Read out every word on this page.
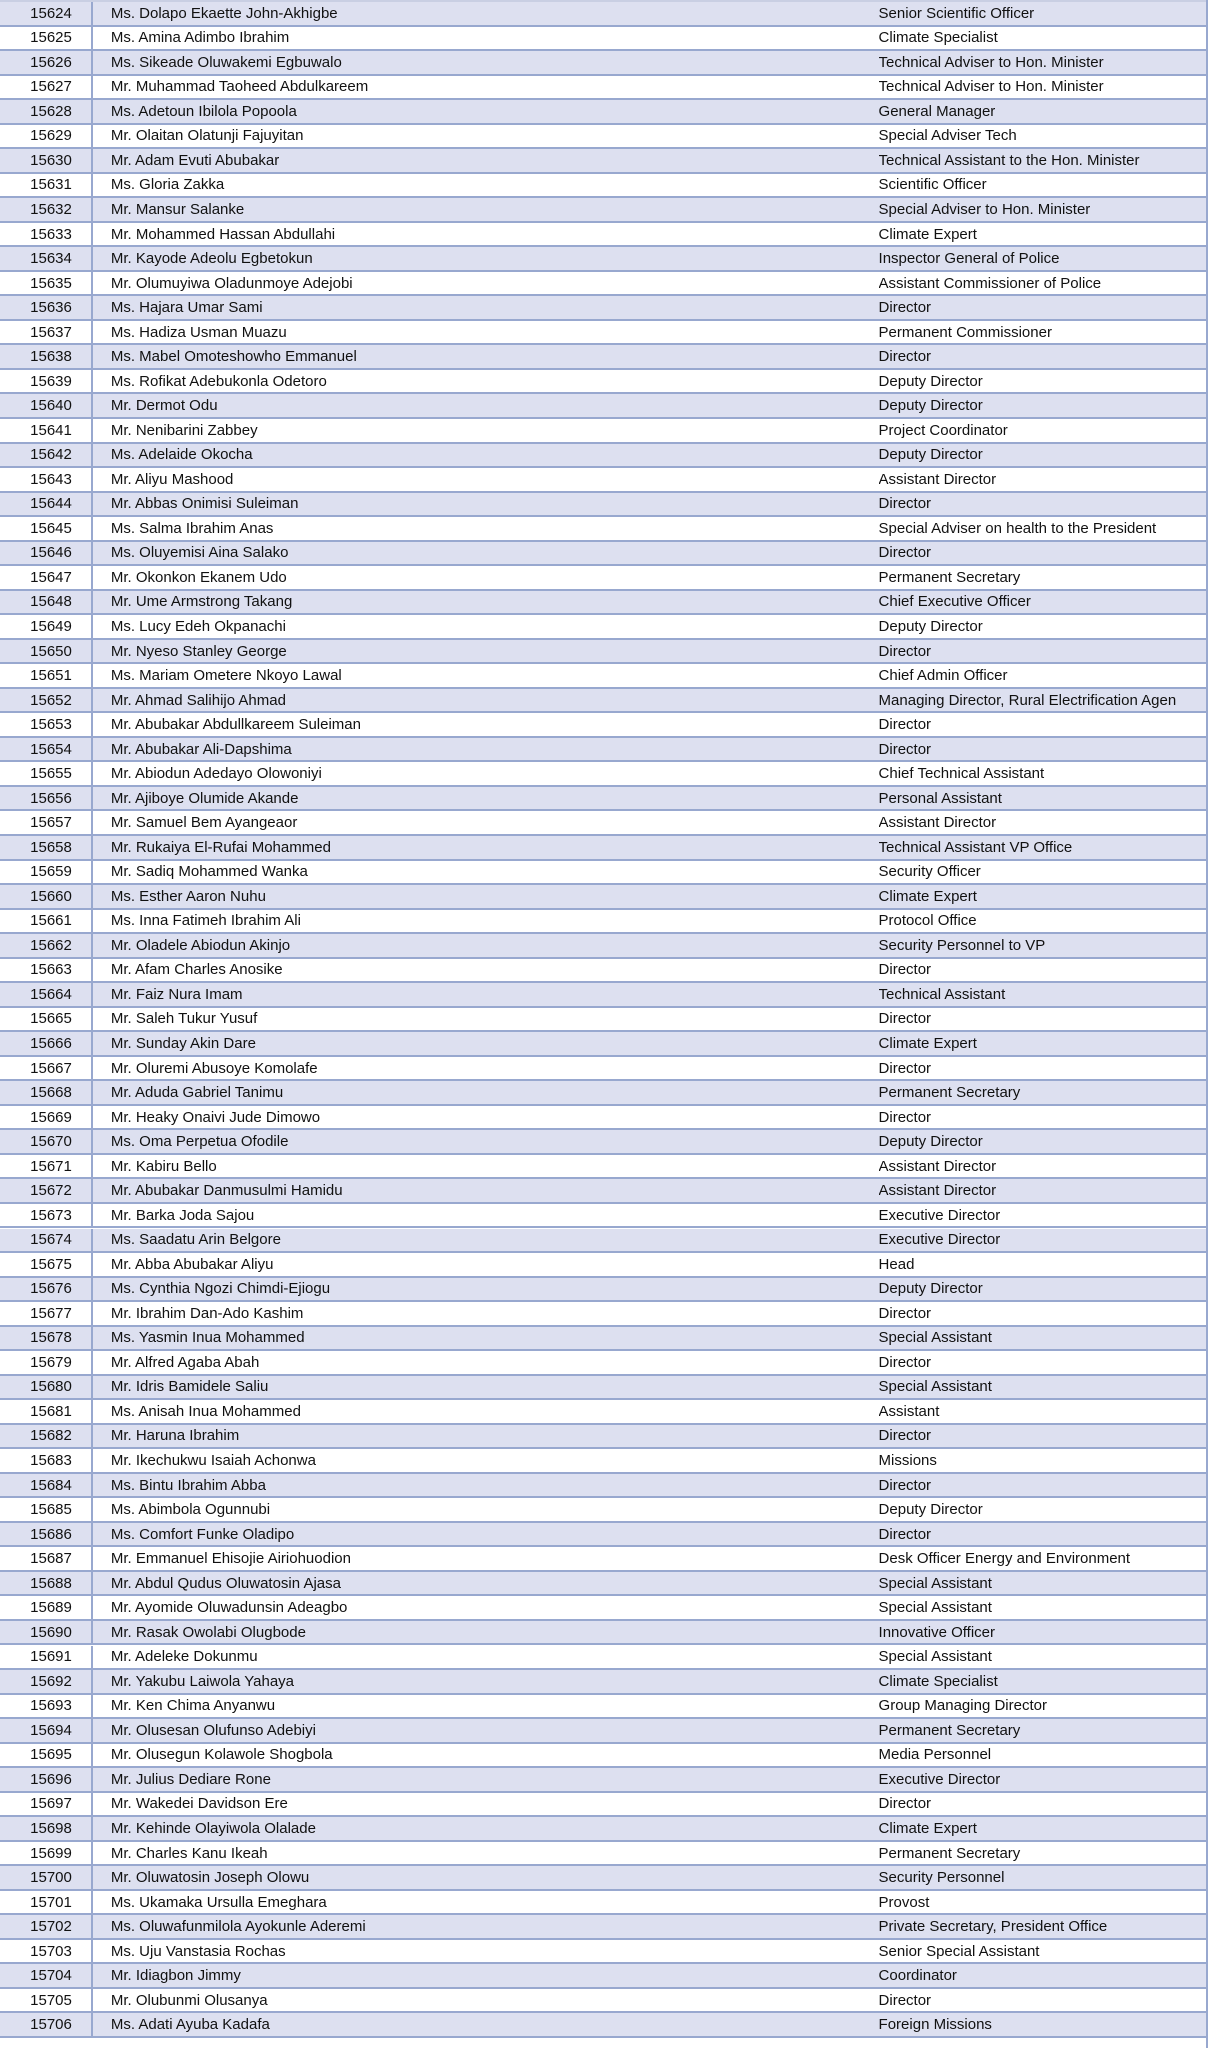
15624	Ms. Dolapo Ekaette John-Akhigbe	Senior Scientific Officer
15625	Ms. Amina Adimbo Ibrahim	Climate Specialist
15626	Ms. Sikeade Oluwakemi Egbuwalo	Technical Adviser to Hon. Minister
15627	Mr. Muhammad Taoheed Abdulkareem	Technical Adviser to Hon. Minister
15628	Ms. Adetoun Ibilola Popoola	General Manager
15629	Mr. Olaitan Olatunji Fajuyitan	Special Adviser Tech
15630	Mr. Adam Evuti Abubakar	Technical Assistant to the Hon. Minister
15631	Ms. Gloria Zakka	Scientific Officer
15632	Mr. Mansur Salanke	Special Adviser to Hon. Minister
15633	Mr. Mohammed Hassan Abdullahi	Climate Expert
15634	Mr. Kayode Adeolu Egbetokun	Inspector General of Police
15635	Mr. Olumuyiwa Oladunmoye Adejobi	Assistant Commissioner of Police
15636	Ms. Hajara Umar Sami	Director
15637	Ms. Hadiza Usman Muazu	Permanent Commissioner
15638	Ms. Mabel Omoteshowho Emmanuel	Director
15639	Ms. Rofikat Adebukonla Odetoro	Deputy Director
15640	Mr. Dermot Odu	Deputy Director
15641	Mr. Nenibarini Zabbey	Project Coordinator
15642	Ms. Adelaide Okocha	Deputy Director
15643	Mr. Aliyu Mashood	Assistant Director
15644	Mr. Abbas Onimisi Suleiman	Director
15645	Ms. Salma Ibrahim Anas	Special Adviser on health to the President
15646	Ms. Oluyemisi Aina Salako	Director
15647	Mr. Okonkon Ekanem Udo	Permanent Secretary
15648	Mr. Ume Armstrong Takang	Chief Executive Officer
15649	Ms. Lucy Edeh Okpanachi	Deputy Director
15650	Mr. Nyeso Stanley George	Director
15651	Ms. Mariam Ometere Nkoyo Lawal	Chief Admin Officer
15652	Mr. Ahmad Salihijo Ahmad	Managing Director, Rural Electrification Agen
15653	Mr. Abubakar Abdullkareem Suleiman	Director
15654	Mr. Abubakar Ali-Dapshima	Director
15655	Mr. Abiodun Adedayo Olowoniyi	Chief Technical Assistant
15656	Mr. Ajiboye Olumide Akande	Personal Assistant
15657	Mr. Samuel Bem Ayangeaor	Assistant Director
15658	Mr. Rukaiya El-Rufai Mohammed	Technical Assistant VP Office
15659	Mr. Sadiq Mohammed Wanka	Security Officer
15660	Ms. Esther Aaron Nuhu	Climate Expert
15661	Ms. Inna Fatimeh Ibrahim Ali	Protocol Office
15662	Mr. Oladele Abiodun Akinjo	Security Personnel to VP
15663	Mr. Afam Charles Anosike	Director
15664	Mr. Faiz Nura Imam	Technical Assistant
15665	Mr. Saleh Tukur Yusuf	Director
15666	Mr. Sunday Akin Dare	Climate Expert
15667	Mr. Oluremi Abusoye Komolafe	Director
15668	Mr. Aduda Gabriel Tanimu	Permanent Secretary
15669	Mr. Heaky Onaivi Jude Dimowo	Director
15670	Ms. Oma Perpetua Ofodile	Deputy Director
15671	Mr. Kabiru Bello	Assistant Director
15672	Mr. Abubakar Danmusulmi Hamidu	Assistant Director
15673	Mr. Barka Joda Sajou	Executive Director
15674	Ms. Saadatu Arin Belgore	Executive Director
15675	Mr. Abba Abubakar Aliyu	Head
15676	Ms. Cynthia Ngozi Chimdi-Ejiogu	Deputy Director
15677	Mr. Ibrahim Dan-Ado Kashim	Director
15678	Ms. Yasmin Inua Mohammed	Special Assistant
15679	Mr. Alfred Agaba Abah	Director
15680	Mr. Idris Bamidele Saliu	Special Assistant
15681	Ms. Anisah Inua Mohammed	Assistant
15682	Mr. Haruna Ibrahim	Director
15683	Mr. Ikechukwu Isaiah Achonwa	Missions
15684	Ms. Bintu Ibrahim Abba	Director
15685	Ms. Abimbola Ogunnubi	Deputy Director
15686	Ms. Comfort Funke Oladipo	Director
15687	Mr. Emmanuel Ehisojie Airiohuodion	Desk Officer Energy and Environment
15688	Mr. Abdul Qudus Oluwatosin Ajasa	Special Assistant
15689	Mr. Ayomide Oluwadunsin Adeagbo	Special Assistant
15690	Mr. Rasak Owolabi Olugbode	Innovative Officer
15691	Mr. Adeleke Dokunmu	Special Assistant
15692	Mr. Yakubu Laiwola Yahaya	Climate Specialist
15693	Mr. Ken Chima Anyanwu	Group Managing Director
15694	Mr. Olusesan Olufunso Adebiyi	Permanent Secretary
15695	Mr. Olusegun Kolawole Shogbola	Media Personnel
15696	Mr. Julius Dediare Rone	Executive Director
15697	Mr. Wakedei Davidson Ere	Director
15698	Mr. Kehinde Olayiwola Olalade	Climate Expert
15699	Mr. Charles Kanu Ikeah	Permanent Secretary
15700	Mr. Oluwatosin Joseph Olowu	Security Personnel
15701	Ms. Ukamaka Ursulla Emeghara	Provost
15702	Ms. Oluwafunmilola Ayokunle Aderemi	Private Secretary, President Office
15703	Ms. Uju Vanstasia Rochas	Senior Special Assistant
15704	Mr. Idiagbon Jimmy	Coordinator
15705	Mr. Olubunmi Olusanya	Director
15706	Ms. Adati Ayuba Kadafa	Foreign Missions
